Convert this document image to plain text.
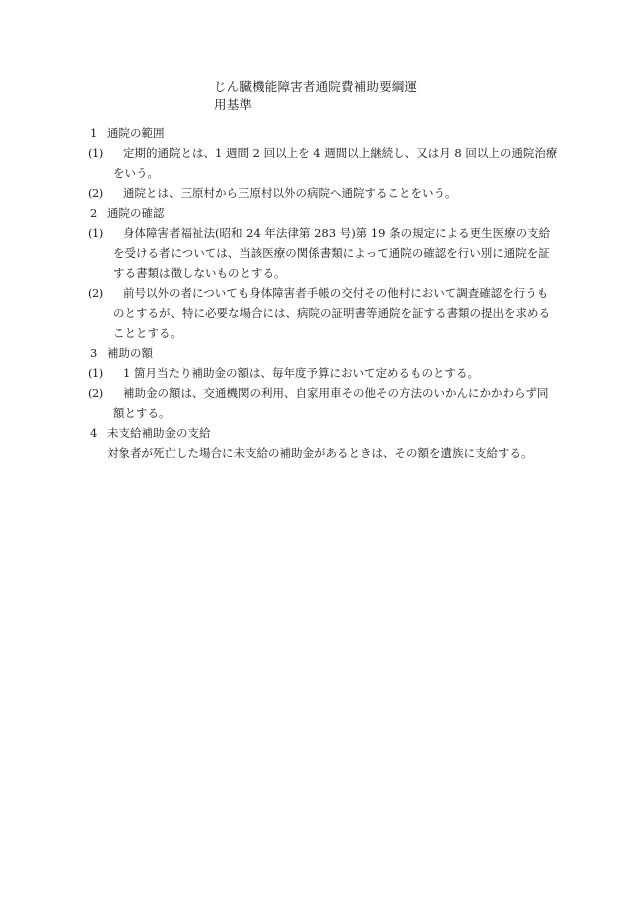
じん臓機能障害者通院費補助要綱運
用基準
1 通院の範囲
(1)	定期的通院とは、1 週間 2 回以上を 4 週間以上継続し、又は月 8 回以上の通院治療をいう。

(2)	通院とは、三原村から三原村以外の病院へ通院することをいう。

2 通院の確認
(1)	身体障害者福祉法(昭和 24 年法律第 283 号)第 19 条の規定による更生医療の支給を受ける者については、当該医療の関係書類によって通院の確認を行い別に通院を証する書類は徴しないものとする。

(2)	前号以外の者についても身体障害者手帳の交付その他村において調査確認を行うものとするが、特に必要な場合には、病院の証明書等通院を証する書類の提出を求めることとする。

3 補助の額
(1)	1 箇月当たり補助金の額は、毎年度予算において定めるものとする。

(2)	補助金の額は、交通機関の利用、自家用車その他その方法のいかんにかかわらず同額とする。

4 未支給補助金の支給

対象者が死亡した場合に未支給の補助金があるときは、その額を遺族に支給する。
